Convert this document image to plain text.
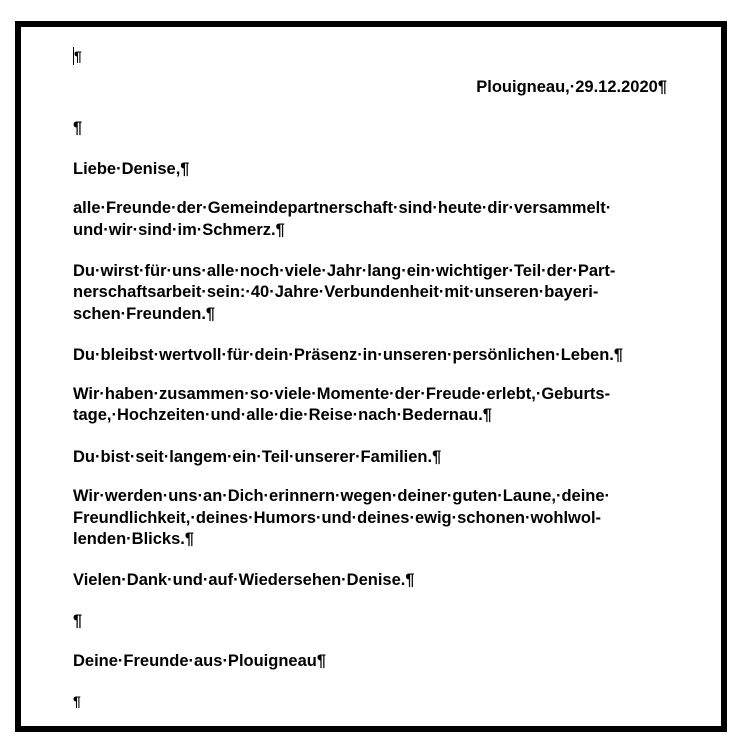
¶

Plouigneau,·29.12.2020¶

¶

Liebe·Denise,¶

alle·Freunde·der·Gemeindepartnerschaft·sind·heute·dir·versammelt·

und·wir·sind·im·Schmerz.¶

Du·wirst·für·uns·alle·noch·viele·Jahr·lang·ein·wichtiger·Teil·der·Part-

nerschaftsarbeit·sein:·40·Jahre·Verbundenheit·mit·unseren·bayeri-

schen·Freunden.¶

Du·bleibst·wertvoll·für·dein·Präsenz·in·unseren·persönlichen·Leben.¶

Wir·haben·zusammen·so·viele·Momente·der·Freude·erlebt,·Geburts-

tage,·Hochzeiten·und·alle·die·Reise·nach·Bedernau.¶

Du·bist·seit·langem·ein·Teil·unserer·Familien.¶

Wir·werden·uns·an·Dich·erinnern·wegen·deiner·guten·Laune,·deine·

Freundlichkeit,·deines·Humors·und·deines·ewig·schonen·wohlwol-

lenden·Blicks.¶

Vielen·Dank·und·auf·Wiedersehen·Denise.¶

¶

Deine·Freunde·aus·Plouigneau¶

¶
